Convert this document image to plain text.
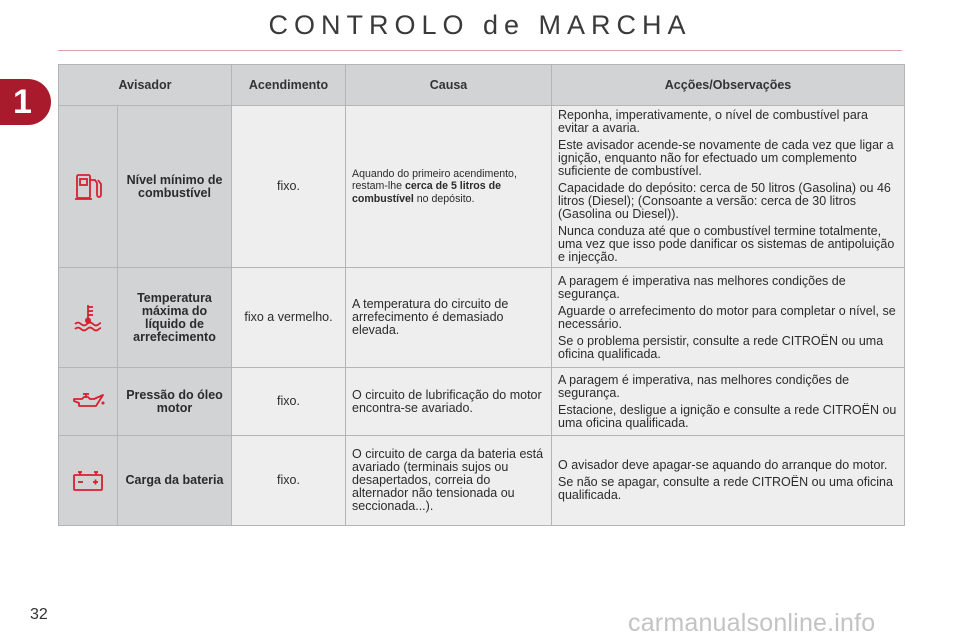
CONTROLO de MARCHA
1	Avisador		Acendimento	Causa	Acções/Observações

	Nível mínimo de combustível	fixo.	Aquando do primeiro acendimento, restam-lhe cerca de 5 litros de combustível no depósito.	Reponha, imperativamente, o nível de combustível para evitar a avaria.

Este avisador acende-se novamente de cada vez que ligar a ignição, enquanto não for efectuado um complemento suficiente de combustível.

Capacidade do depósito: cerca de 50 litros (Gasolina) ou 46 litros (Diesel); (Consoante a versão: cerca de 30 litros (Gasolina ou Diesel)).

Nunca conduza até que o combustível termine totalmente, uma vez que isso pode danificar os sistemas de antipoluição e injecção.

	Temperatura máxima do líquido de arrefecimento	fixo a vermelho.	A temperatura do circuito de arrefecimento é demasiado elevada.	A paragem é imperativa nas melhores condições de segurança.

Aguarde o arrefecimento do motor para completar o nível, se necessário.

Se o problema persistir, consulte a rede CITROËN ou uma oficina qualificada.

	Pressão do óleo motor	fixo.	O circuito de lubrificação do motor encontra-se avariado.	A paragem é imperativa, nas melhores condições de segurança.

Estacione, desligue a ignição e consulte a rede CITROËN ou uma oficina qualificada.

	Carga da bateria	fixo.	O circuito de carga da bateria está avariado (terminais sujos ou desapertados, correia do alternador não tensionada ou seccionada...).	O avisador deve apagar-se aquando do arranque do motor.

Se não se apagar, consulte a rede CITROËN ou uma oficina qualificada.

32	carmanualsonline.info
